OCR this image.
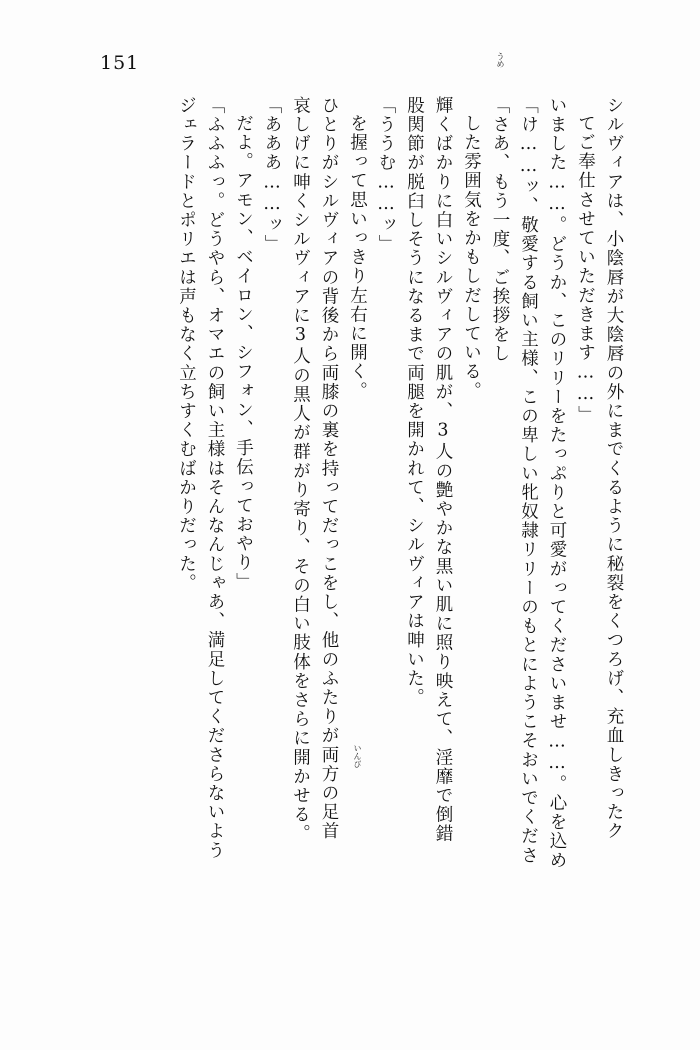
151
ジェラードとポリエは声もなく立ちすくむばかりだった。 「ふふふっ。どうやら、オマエの飼い主様はそんなんじゃあ、満足してくださらないよう だよ。アモン、ベイロン、シフォン、手伝っておやり」 「あああ……ッ」 哀しげに呻くシルヴィアに3人の黒人が群がり寄り、その白い肢体をさらに開かせる。 ひとりがシルヴィアの背後から両膝の裏を持ってだっこをし、他のふたりが両方の足首 を握って思いっきり左右に開く。 「ううむ……ッ」 股関節が脱臼しそうになるまで両腿を開かれて、シルヴィアは呻いた。 輝くばかりに白いシルヴィアの肌が、3人の艶やかな黒い肌に照り映えて、淫靡で倒錯 した雰囲気をかもしだしている。 「さあ、もう一度、ご挨拶をし 「け……ッ、敬愛する飼い主様、この卑しい牝奴隷リリーのもとにようこそおいでくださ いました……。どうか、このリリーをたっぷりと可愛がってくださいませ……。心を込め てご奉仕させていただきます……」 シルヴィアは、小陰唇が大陰唇の外にまでくるように秘裂をくつろげ、充血しきったク
うめ
いんび
